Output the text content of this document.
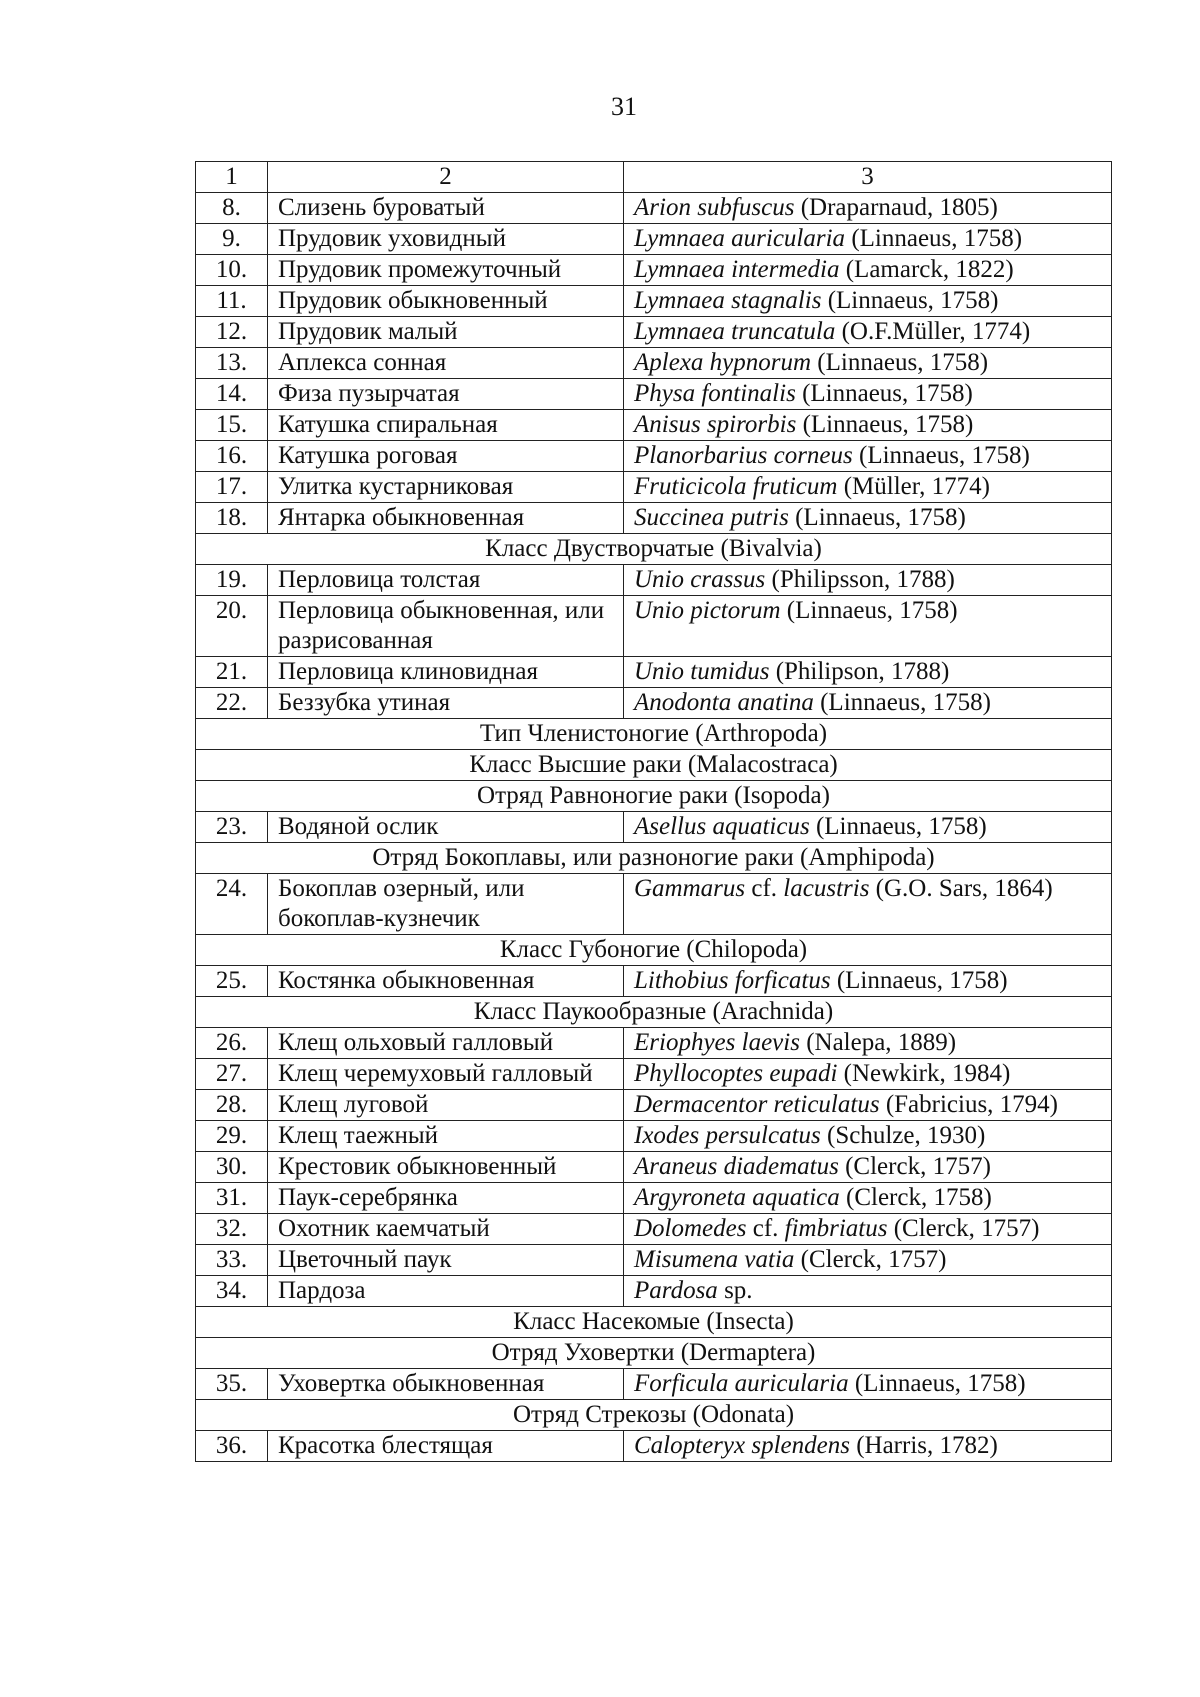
31
1	2	3
8.	Слизень буроватый	Arion subfuscus (Draparnaud, 1805)
9.	Прудовик уховидный	Lymnaea auricularia (Linnaeus, 1758)
10.	Прудовик промежуточный	Lymnaea intermedia (Lamarck, 1822)
11.	Прудовик обыкновенный	Lymnaea stagnalis (Linnaeus, 1758)
12.	Прудовик малый	Lymnaea truncatula (O.F.Müller, 1774)
13.	Аплекса сонная	Aplexa hypnorum (Linnaeus, 1758)
14.	Физа пузырчатая	Physa fontinalis (Linnaeus, 1758)
15.	Катушка спиральная	Anisus spirorbis (Linnaeus, 1758)
16.	Катушка роговая	Planorbarius corneus (Linnaeus, 1758)
17.	Улитка кустарниковая	Fruticicola fruticum (Müller, 1774)
18.	Янтарка обыкновенная	Succinea putris (Linnaeus, 1758)
Класс Двустворчатые (Bivalvia)		
19.	Перловица толстая	Unio crassus (Philipsson, 1788)
20.	Перловица обыкновенная, или разрисованная	Unio pictorum (Linnaeus, 1758)
21.	Перловица клиновидная	Unio tumidus (Philipson, 1788)
22.	Беззубка утиная	Anodonta anatina (Linnaeus, 1758)
Тип Членистоногие (Arthropoda)		
Класс Высшие раки (Malacostraca)		
Отряд Равноногие раки (Isopoda)		
23.	Водяной ослик	Asellus aquaticus (Linnaeus, 1758)
Отряд Бокоплавы, или разноногие раки (Amphipoda)		
24.	Бокоплав озерный, или бокоплав-кузнечик	Gammarus cf. lacustris (G.O. Sars, 1864)
Класс Губоногие (Chilopoda)		
25.	Костянка обыкновенная	Lithobius forficatus (Linnaeus, 1758)
Класс Паукообразные (Arachnida)		
26.	Клещ ольховый галловый	Eriophyes laevis (Nalepa, 1889)
27.	Клещ черемуховый галловый	Phyllocoptes eupadi (Newkirk, 1984)
28.	Клещ луговой	Dermacentor reticulatus (Fabricius, 1794)
29.	Клещ таежный	Ixodes persulcatus (Schulze, 1930)
30.	Крестовик обыкновенный	Araneus diadematus (Clerck, 1757)
31.	Паук-серебрянка	Argyroneta aquatica (Clerck, 1758)
32.	Охотник каемчатый	Dolomedes cf. fimbriatus (Clerck, 1757)
33.	Цветочный паук	Misumena vatia (Clerck, 1757)
34.	Пардоза	Pardosa sp.
Класс Насекомые (Insecta)		
Отряд Уховертки (Dermaptera)		
35.	Уховертка обыкновенная	Forficula auricularia (Linnaeus, 1758)
Отряд Стрекозы (Odonata)		
36.	Красотка блестящая	Calopteryx splendens (Harris, 1782)
